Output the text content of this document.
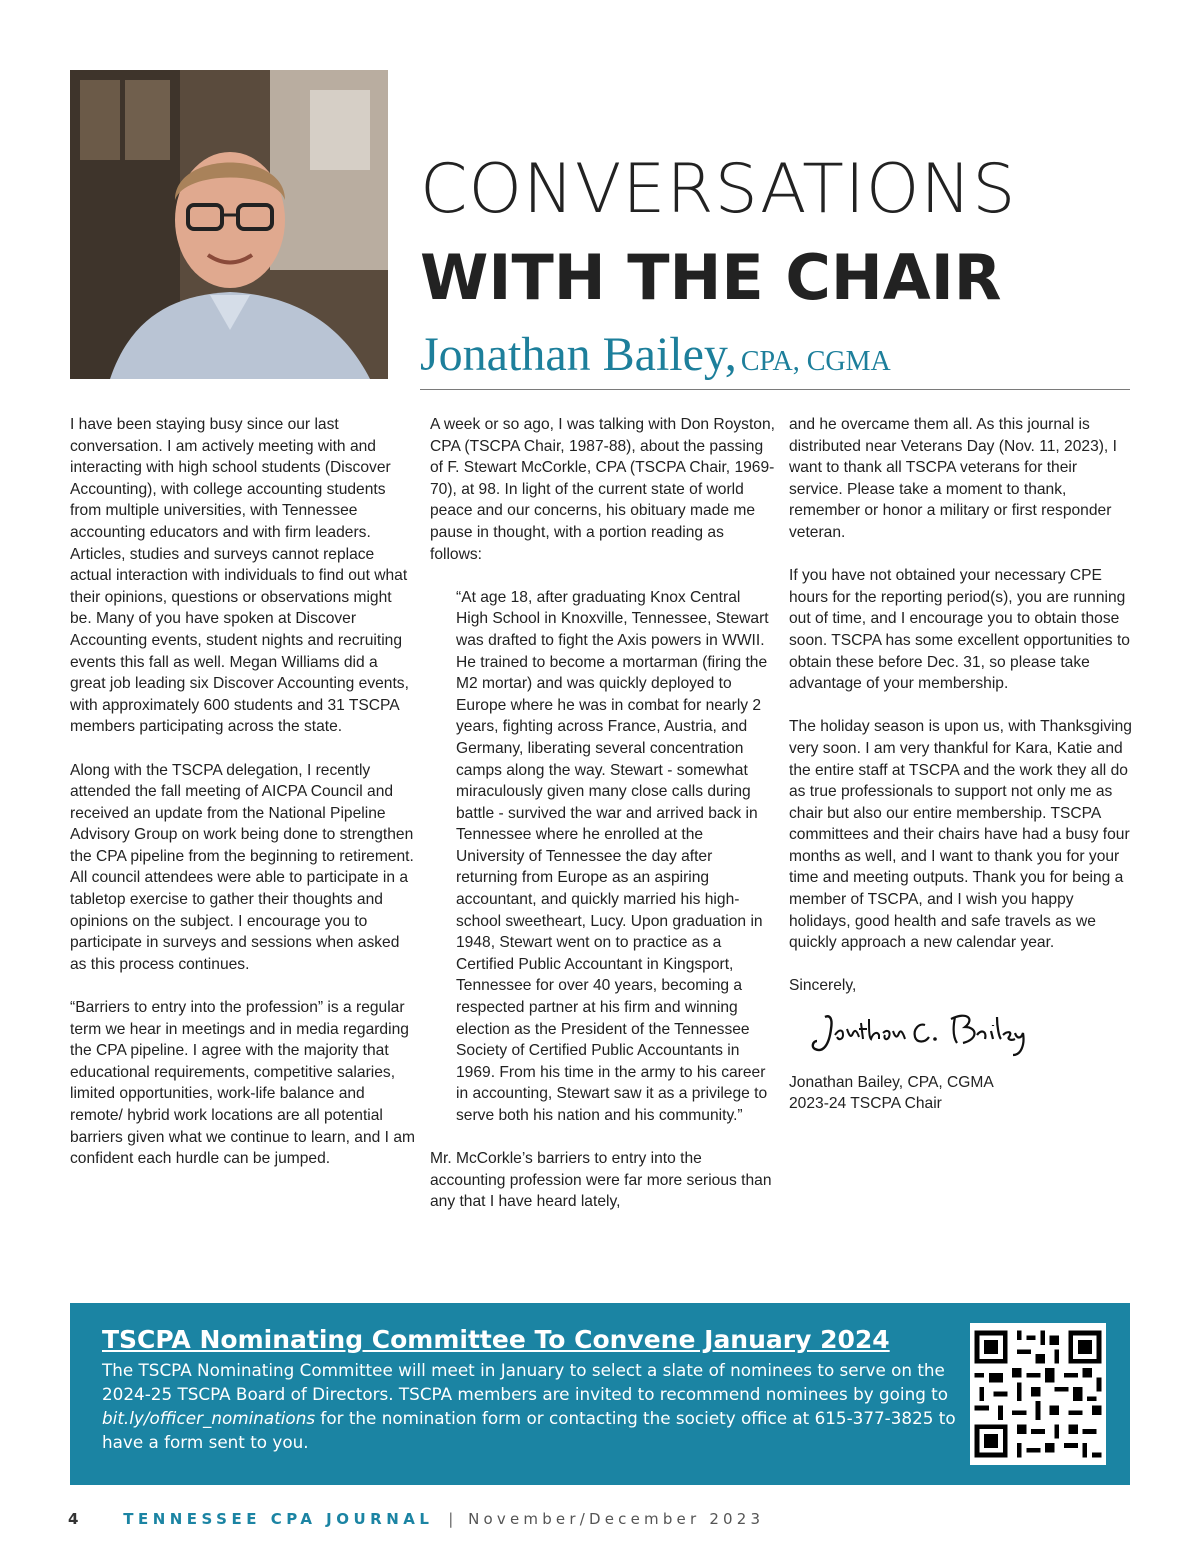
CONVERSATIONS
WITH THE CHAIR
Jonathan Bailey, CPA, CGMA

I have been staying busy since our last conversation. I am actively meeting with and interacting with high school students (Discover Accounting), with college accounting students from multiple universities, with Tennessee accounting educators and with firm leaders. Articles, studies and surveys cannot replace actual interaction with individuals to find out what their opinions, questions or observations might be. Many of you have spoken at Discover Accounting events, student nights and recruiting events this fall as well. Megan Williams did a great job leading six Discover Accounting events, with approximately 600 students and 31 TSCPA members participating across the state.

Along with the TSCPA delegation, I recently attended the fall meeting of AICPA Council and received an update from the National Pipeline Advisory Group on work being done to strengthen the CPA pipeline from the beginning to retirement. All council attendees were able to participate in a tabletop exercise to gather their thoughts and opinions on the subject. I encourage you to participate in surveys and sessions when asked as this process continues.

“Barriers to entry into the profession” is a regular term we hear in meetings and in media regarding the CPA pipeline. I agree with the majority that educational requirements, competitive salaries, limited opportunities, work-life balance and remote/ hybrid work locations are all potential barriers given what we continue to learn, and I am confident each hurdle can be jumped.

A week or so ago, I was talking with Don Royston, CPA (TSCPA Chair, 1987-88), about the passing of F. Stewart McCorkle, CPA (TSCPA Chair, 1969-70), at 98. In light of the current state of world peace and our concerns, his obituary made me pause in thought, with a portion reading as follows:

“At age 18, after graduating Knox Central High School in Knoxville, Tennessee, Stewart was drafted to fight the Axis powers in WWII. He trained to become a mortarman (firing the M2 mortar) and was quickly deployed to Europe where he was in combat for nearly 2 years, fighting across France, Austria, and Germany, liberating several concentration camps along the way. Stewart - somewhat miraculously given many close calls during battle - survived the war and arrived back in Tennessee where he enrolled at the University of Tennessee the day after returning from Europe as an aspiring accountant, and quickly married his high-school sweetheart, Lucy. Upon graduation in 1948, Stewart went on to practice as a Certified Public Accountant in Kingsport, Tennessee for over 40 years, becoming a respected partner at his firm and winning election as the President of the Tennessee Society of Certified Public Accountants in 1969. From his time in the army to his career in accounting, Stewart saw it as a privilege to serve both his nation and his community.”

Mr. McCorkle’s barriers to entry into the accounting profession were far more serious than any that I have heard lately,

and he overcame them all. As this journal is distributed near Veterans Day (Nov. 11, 2023), I want to thank all TSCPA veterans for their service. Please take a moment to thank, remember or honor a military or first responder veteran.

If you have not obtained your necessary CPE hours for the reporting period(s), you are running out of time, and I encourage you to obtain those soon. TSCPA has some excellent opportunities to obtain these before Dec. 31, so please take advantage of your membership.

The holiday season is upon us, with Thanksgiving very soon. I am very thankful for Kara, Katie and the entire staff at TSCPA and the work they all do as true professionals to support not only me as chair but also our entire membership. TSCPA committees and their chairs have had a busy four months as well, and I want to thank you for your time and meeting outputs. Thank you for being a member of TSCPA, and I wish you happy holidays, good health and safe travels as we quickly approach a new calendar year.

Sincerely,

Jonathan Bailey, CPA, CGMA

2023-24 TSCPA Chair

TSCPA Nominating Committee To Convene January 2024
The TSCPA Nominating Committee will meet in January to select a slate of nominees to serve on the 2024-25 TSCPA Board of Directors. TSCPA members are invited to recommend nominees by going to bit.ly/officer_nominations for the nomination form or contacting the society office at 615-377-3825 to have a form sent to you.
4	TENNESSEE CPA JOURNAL | November/December 2023
